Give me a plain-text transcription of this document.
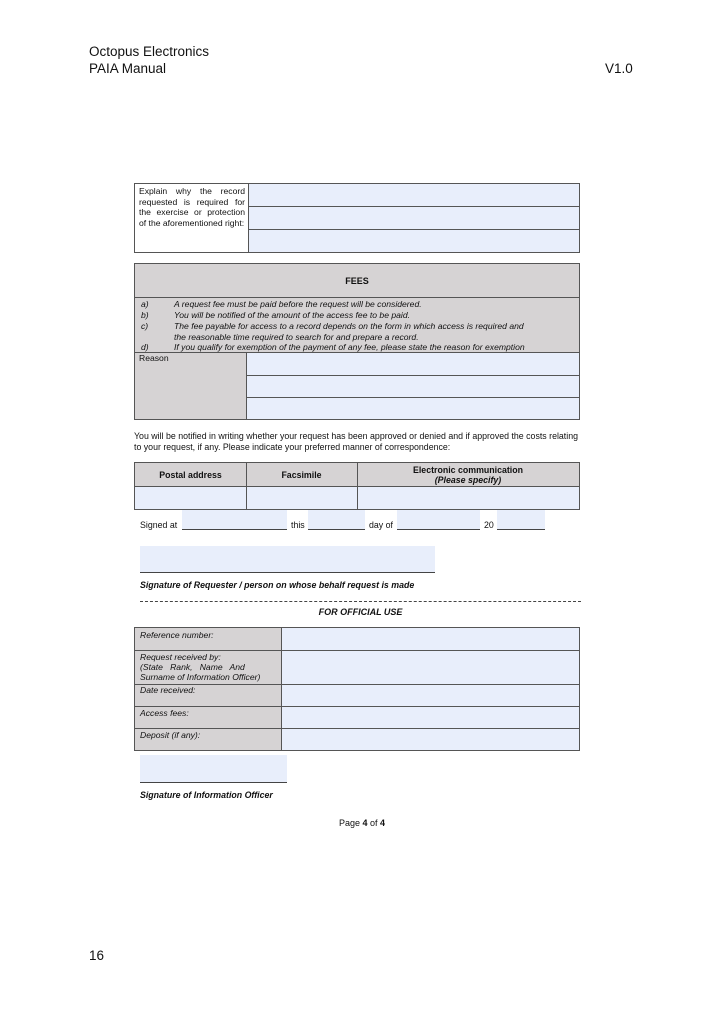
Octopus Electronics
PAIA Manual	V1.0
Explain why the record requested is required for the exercise or protection of the aforementioned right:
FEES
a)	A request fee must be paid before the request will be considered.
b)	You will be notified of the amount of the access fee to be paid.
c)	The fee payable for access to a record depends on the form in which access is required and
the reasonable time required to search for and prepare a record.
d)	If you qualify for exemption of the payment of any fee, please state the reason for exemption
Reason
You will be notified in writing whether your request has been approved or denied and if approved the costs relating to your request, if any. Please indicate your preferred manner of correspondence:
Postal address	Facsimile	Electronic communication
(Please specify)
Signed at	this	day of	20
Signature of Requester / person on whose behalf request is made
FOR OFFICIAL USE
Reference number:
Request received by:
(State   Rank,   Name   And
Surname of Information Officer)
Date received:
Access fees:
Deposit (if any):
Signature of Information Officer
Page 4 of 4
16
